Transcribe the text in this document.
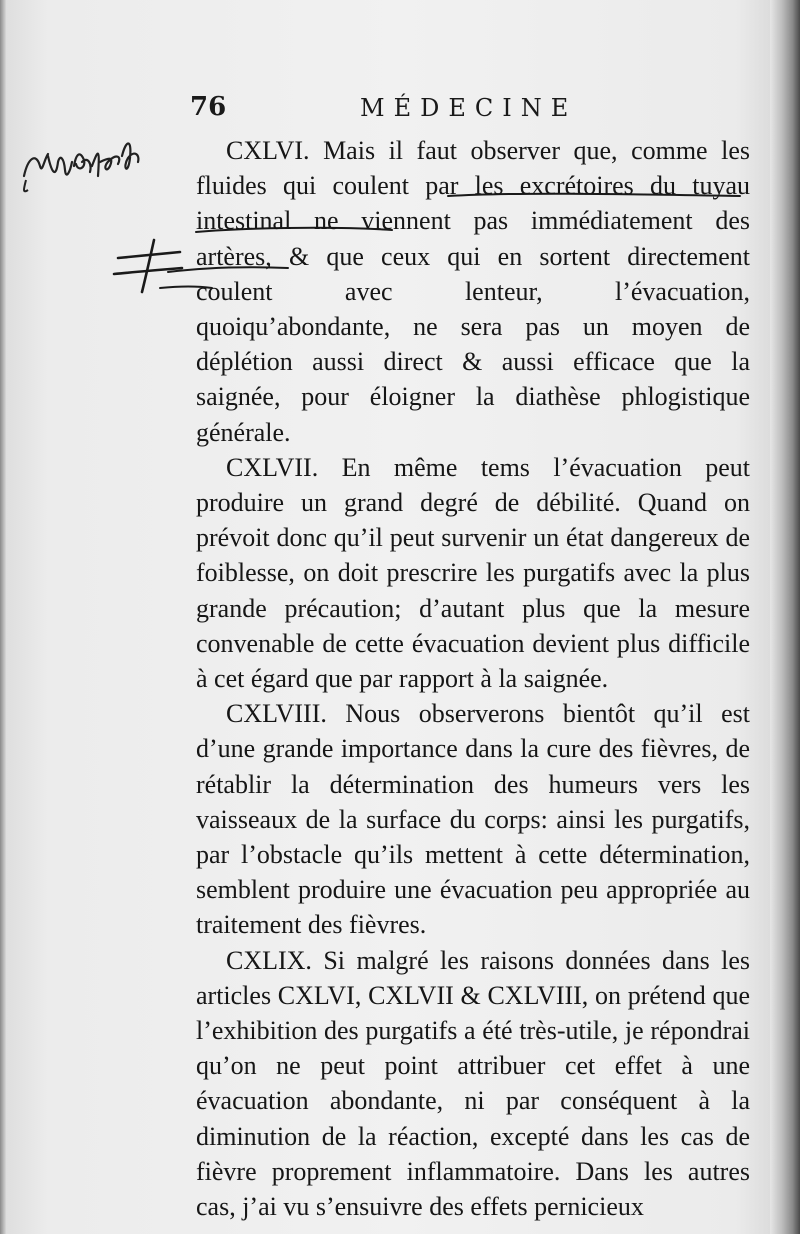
76	MÉDECINE

CXLVI. Mais il faut observer que, comme les fluides qui coulent par les excrétoires du tuyau intestinal ne viennent pas immédiatement des artères, & que ceux qui en sortent directement coulent avec lenteur, l’évacuation, quoiqu’abondante, ne sera pas un moyen de déplétion aussi direct & aussi efficace que la saignée, pour éloigner la diathèse phlogistique générale.

CXLVII. En même tems l’évacuation peut produire un grand degré de débilité. Quand on prévoit donc qu’il peut survenir un état dangereux de foiblesse, on doit prescrire les purgatifs avec la plus grande précaution; d’autant plus que la mesure convenable de cette évacuation devient plus difficile à cet égard que par rapport à la saignée.

CXLVIII. Nous observerons bientôt qu’il est d’une grande importance dans la cure des fièvres, de rétablir la détermination des humeurs vers les vaisseaux de la surface du corps: ainsi les purgatifs, par l’obstacle qu’ils mettent à cette détermination, semblent produire une évacuation peu appropriée au traitement des fièvres.

CXLIX. Si malgré les raisons données dans les articles CXLVI, CXLVII & CXLVIII, on prétend que l’exhibition des purgatifs a été très-utile, je répondrai qu’on ne peut point attribuer cet effet à une évacuation abondante, ni par conséquent à la diminution de la réaction, excepté dans les cas de fièvre proprement inflammatoire. Dans les autres cas, j’ai vu s’ensuivre des effets pernicieux
